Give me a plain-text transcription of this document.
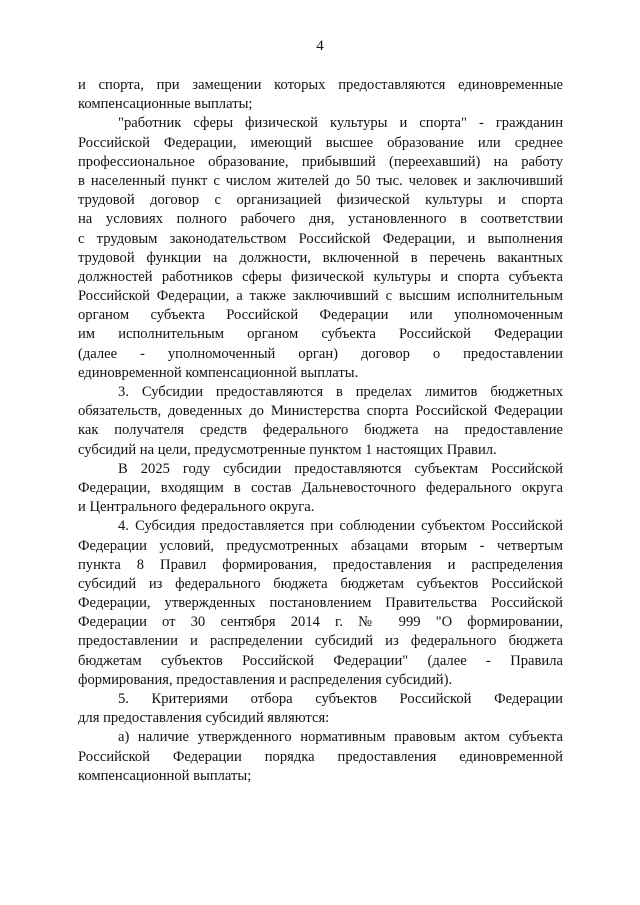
4
и спорта, при замещении которых предоставляются единовременные
компенсационные выплаты;
"работник сферы физической культуры и спорта" - гражданин
Российской Федерации, имеющий высшее образование или среднее
профессиональное образование, прибывший (переехавший) на работу
в населенный пункт с числом жителей до 50 тыс. человек и заключивший
трудовой договор с организацией физической культуры и спорта
на условиях полного рабочего дня, установленного в соответствии
с трудовым законодательством Российской Федерации, и выполнения
трудовой функции на должности, включенной в перечень вакантных
должностей работников сферы физической культуры и спорта субъекта
Российской Федерации, а также заключивший с высшим исполнительным
органом субъекта Российской Федерации или уполномоченным
им исполнительным органом субъекта Российской Федерации
(далее - уполномоченный орган) договор о предоставлении
единовременной компенсационной выплаты.
3. Субсидии предоставляются в пределах лимитов бюджетных
обязательств, доведенных до Министерства спорта Российской Федерации
как получателя средств федерального бюджета на предоставление
субсидий на цели, предусмотренные пунктом 1 настоящих Правил.
В 2025 году субсидии предоставляются субъектам Российской
Федерации, входящим в состав Дальневосточного федерального округа
и Центрального федерального округа.
4. Субсидия предоставляется при соблюдении субъектом Российской
Федерации условий, предусмотренных абзацами вторым - четвертым
пункта 8 Правил формирования, предоставления и распределения
субсидий из федерального бюджета бюджетам субъектов Российской
Федерации, утвержденных постановлением Правительства Российской
Федерации от 30 сентября 2014 г. № 999 "О формировании,
предоставлении и распределении субсидий из федерального бюджета
бюджетам субъектов Российской Федерации" (далее - Правила
формирования, предоставления и распределения субсидий).
5. Критериями отбора субъектов Российской Федерации
для предоставления субсидий являются:
а) наличие утвержденного нормативным правовым актом субъекта
Российской Федерации порядка предоставления единовременной
компенсационной выплаты;
